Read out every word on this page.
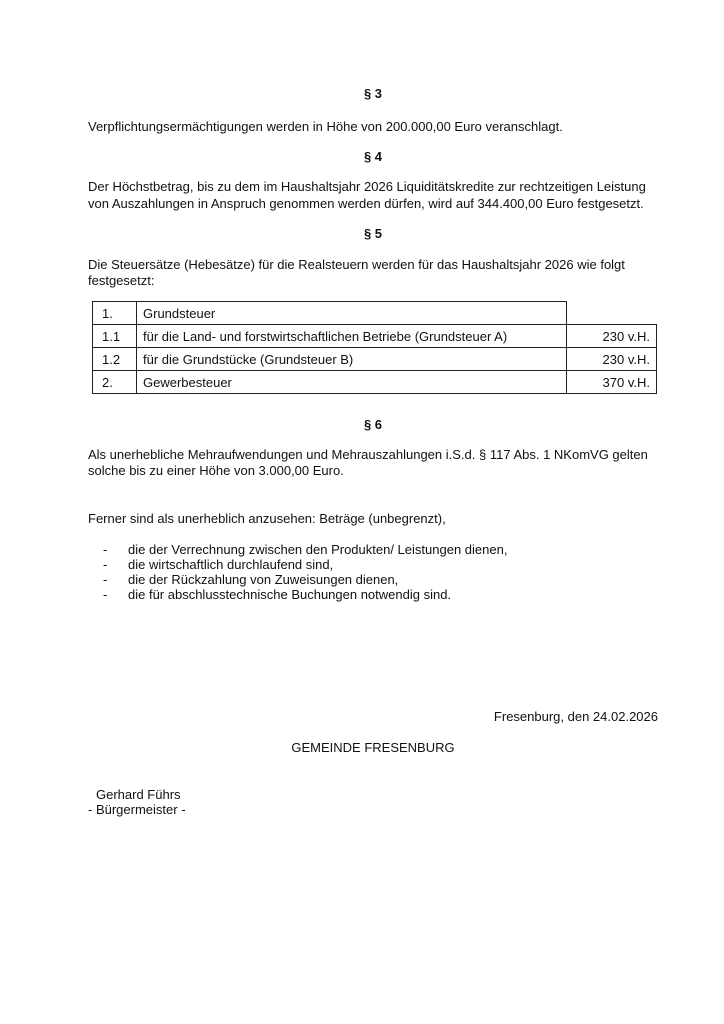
§ 3
Verpflichtungsermächtigungen werden in Höhe von 200.000,00 Euro veranschlagt.
§ 4
Der Höchstbetrag, bis zu dem im Haushaltsjahr 2026 Liquiditätskredite zur rechtzeitigen Leistung
von Auszahlungen in Anspruch genommen werden dürfen, wird auf 344.400,00 Euro festgesetzt.
§ 5
Die Steuersätze (Hebesätze) für die Realsteuern werden für das Haushaltsjahr 2026 wie folgt
festgesetzt:
1.	Grundsteuer	
1.1	für die Land- und forstwirtschaftlichen Betriebe (Grundsteuer A)	230 v.H.
1.2	für die Grundstücke (Grundsteuer B)	230 v.H.
2.	Gewerbesteuer	370 v.H.
§ 6
Als unerhebliche Mehraufwendungen und Mehrauszahlungen i.S.d. § 117 Abs. 1 NKomVG gelten
solche bis zu einer Höhe von 3.000,00 Euro.
Ferner sind als unerheblich anzusehen: Beträge (unbegrenzt),
-	die der Verrechnung zwischen den Produkten/ Leistungen dienen,
-	die wirtschaftlich durchlaufend sind,
-	die der Rückzahlung von Zuweisungen dienen,
-	die für abschlusstechnische Buchungen notwendig sind.
Fresenburg, den 24.02.2026
GEMEINDE FRESENBURG
Gerhard Führs
- Bürgermeister -
